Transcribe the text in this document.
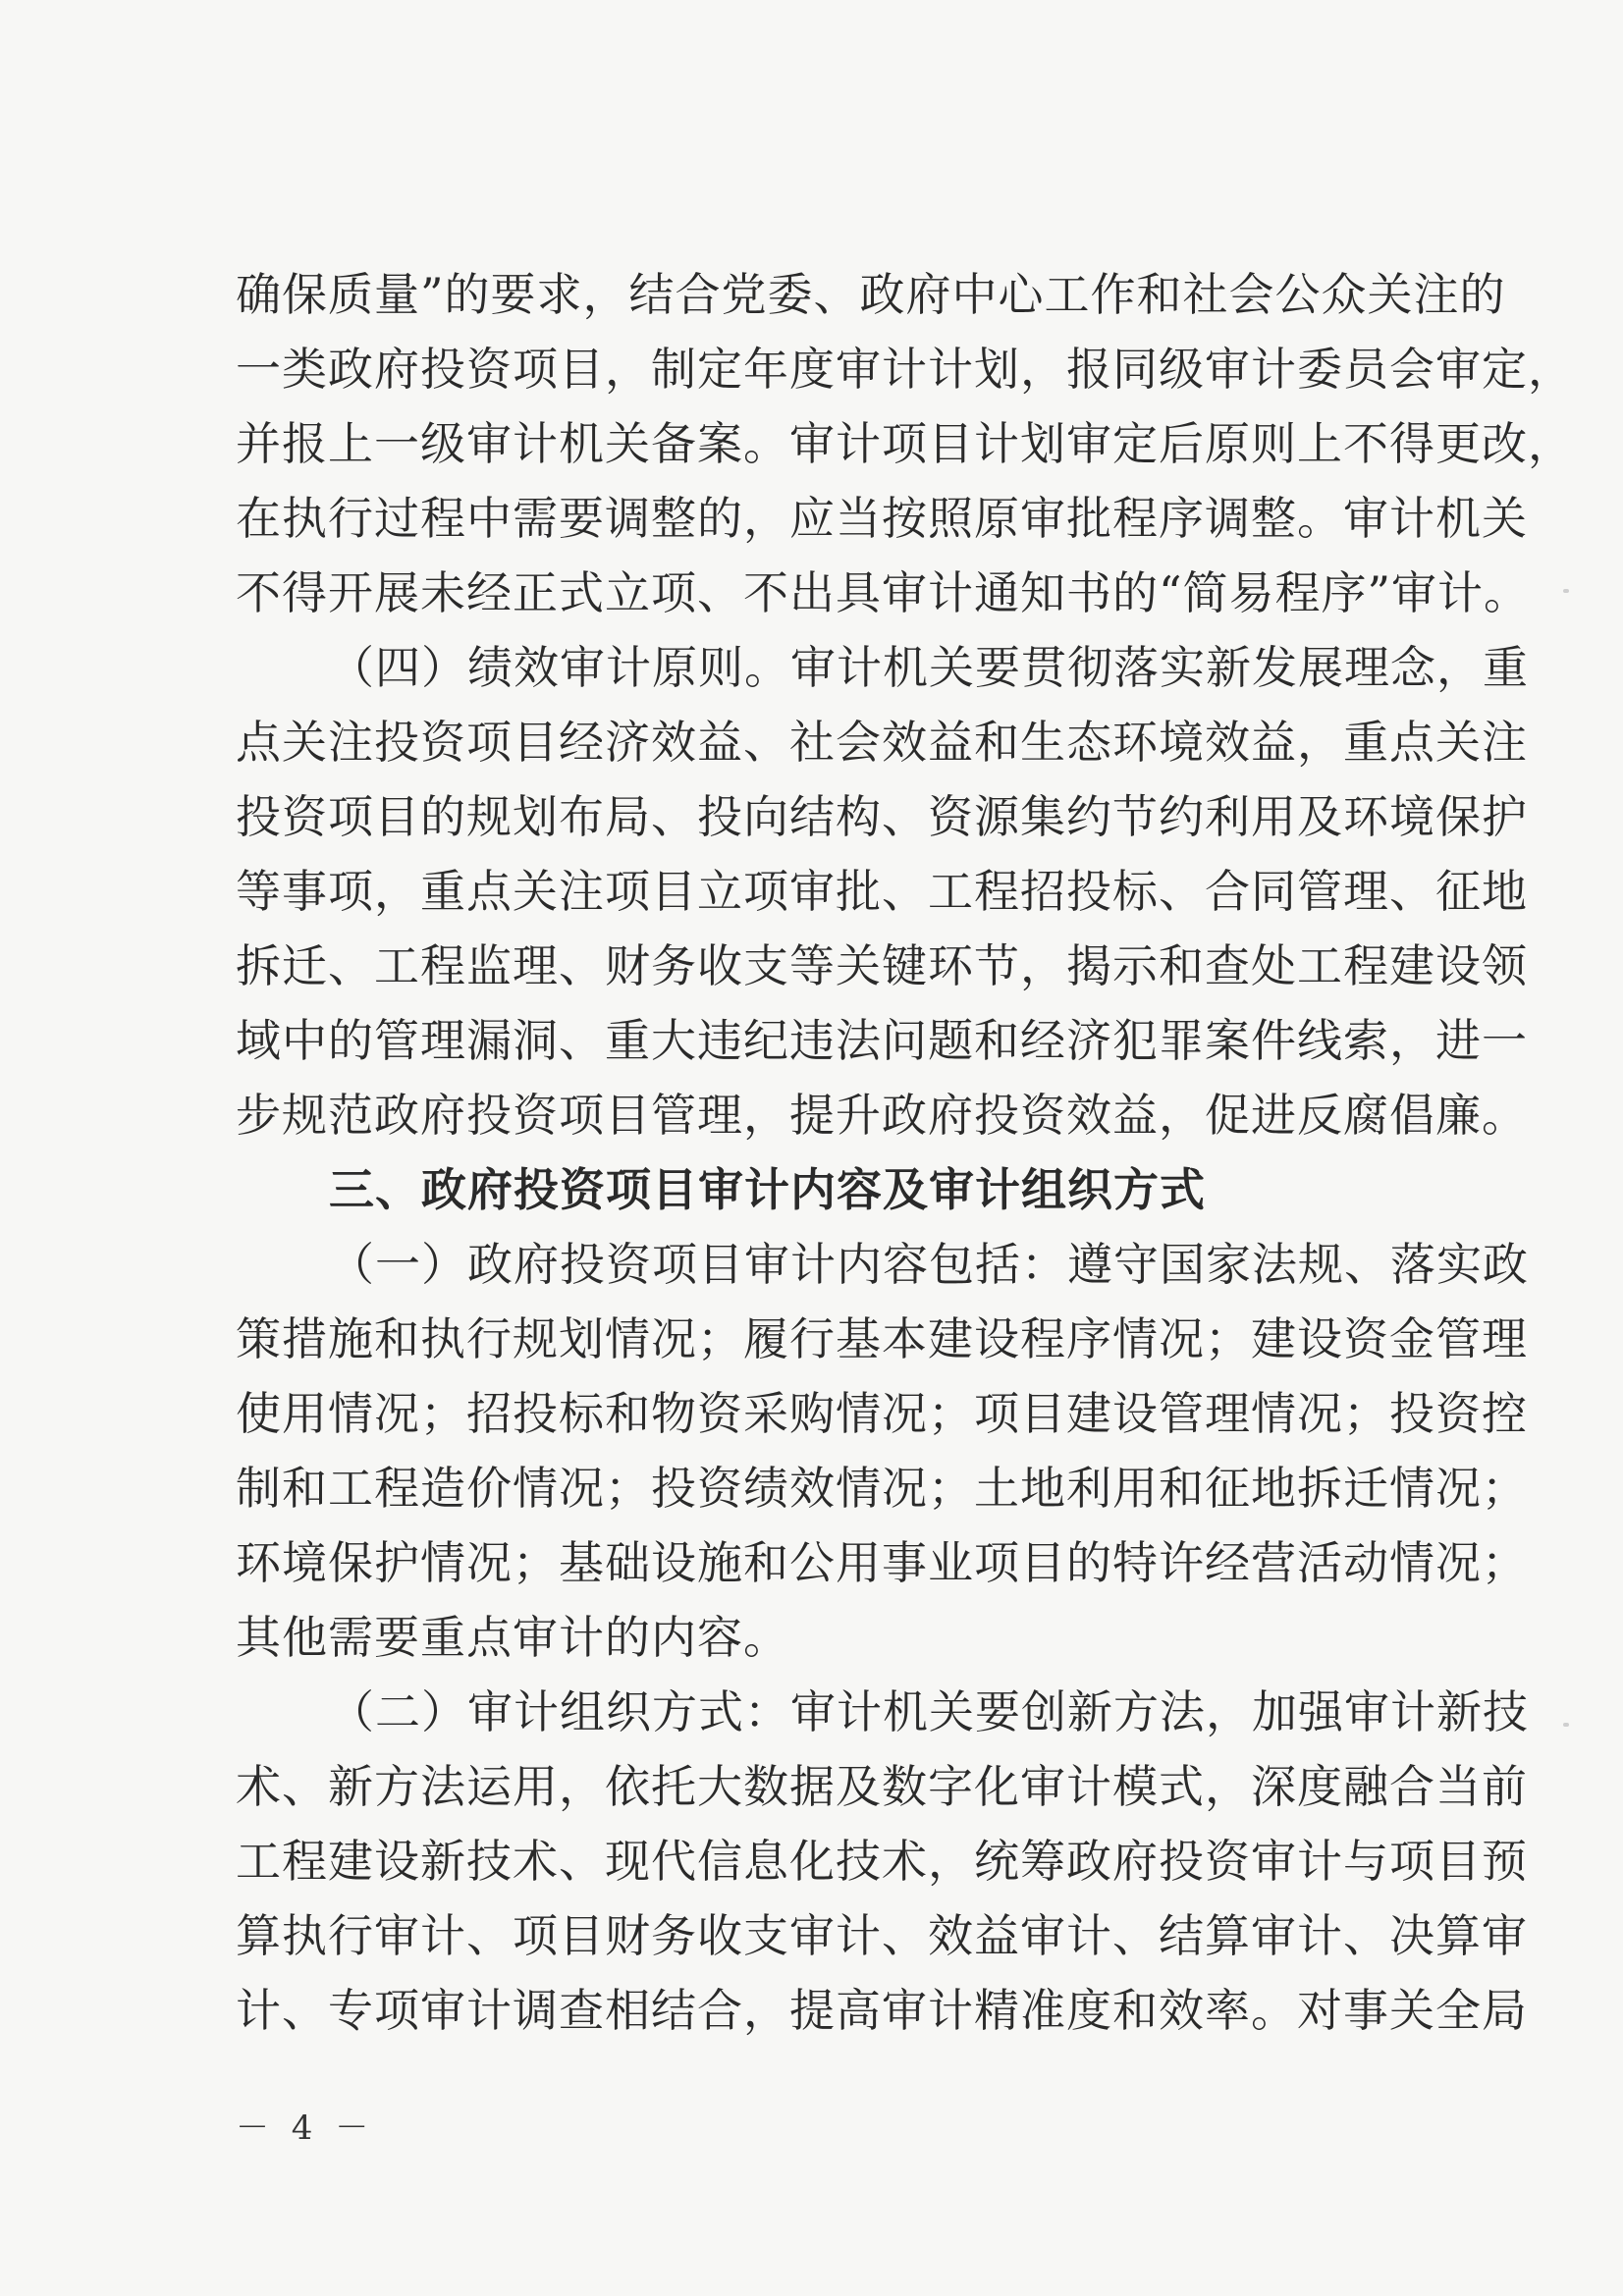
确保质量”的要求，结合党委、政府中心工作和社会公众关注的
一类政府投资项目，制定年度审计计划，报同级审计委员会审定，
并报上一级审计机关备案。审计项目计划审定后原则上不得更改，
在执行过程中需要调整的，应当按照原审批程序调整。审计机关
不得开展未经正式立项、不出具审计通知书的“简易程序”审计。
（四）绩效审计原则。审计机关要贯彻落实新发展理念，重
点关注投资项目经济效益、社会效益和生态环境效益，重点关注
投资项目的规划布局、投向结构、资源集约节约利用及环境保护
等事项，重点关注项目立项审批、工程招投标、合同管理、征地
拆迁、工程监理、财务收支等关键环节，揭示和查处工程建设领
域中的管理漏洞、重大违纪违法问题和经济犯罪案件线索，进一
步规范政府投资项目管理，提升政府投资效益，促进反腐倡廉。
三、政府投资项目审计内容及审计组织方式
（一）政府投资项目审计内容包括：遵守国家法规、落实政
策措施和执行规划情况；履行基本建设程序情况；建设资金管理
使用情况；招投标和物资采购情况；项目建设管理情况；投资控
制和工程造价情况；投资绩效情况；土地利用和征地拆迁情况；
环境保护情况；基础设施和公用事业项目的特许经营活动情况；
其他需要重点审计的内容。
（二）审计组织方式：审计机关要创新方法，加强审计新技
术、新方法运用，依托大数据及数字化审计模式，深度融合当前
工程建设新技术、现代信息化技术，统筹政府投资审计与项目预
算执行审计、项目财务收支审计、效益审计、结算审计、决算审
计、专项审计调查相结合，提高审计精准度和效率。对事关全局
－ 4 －
